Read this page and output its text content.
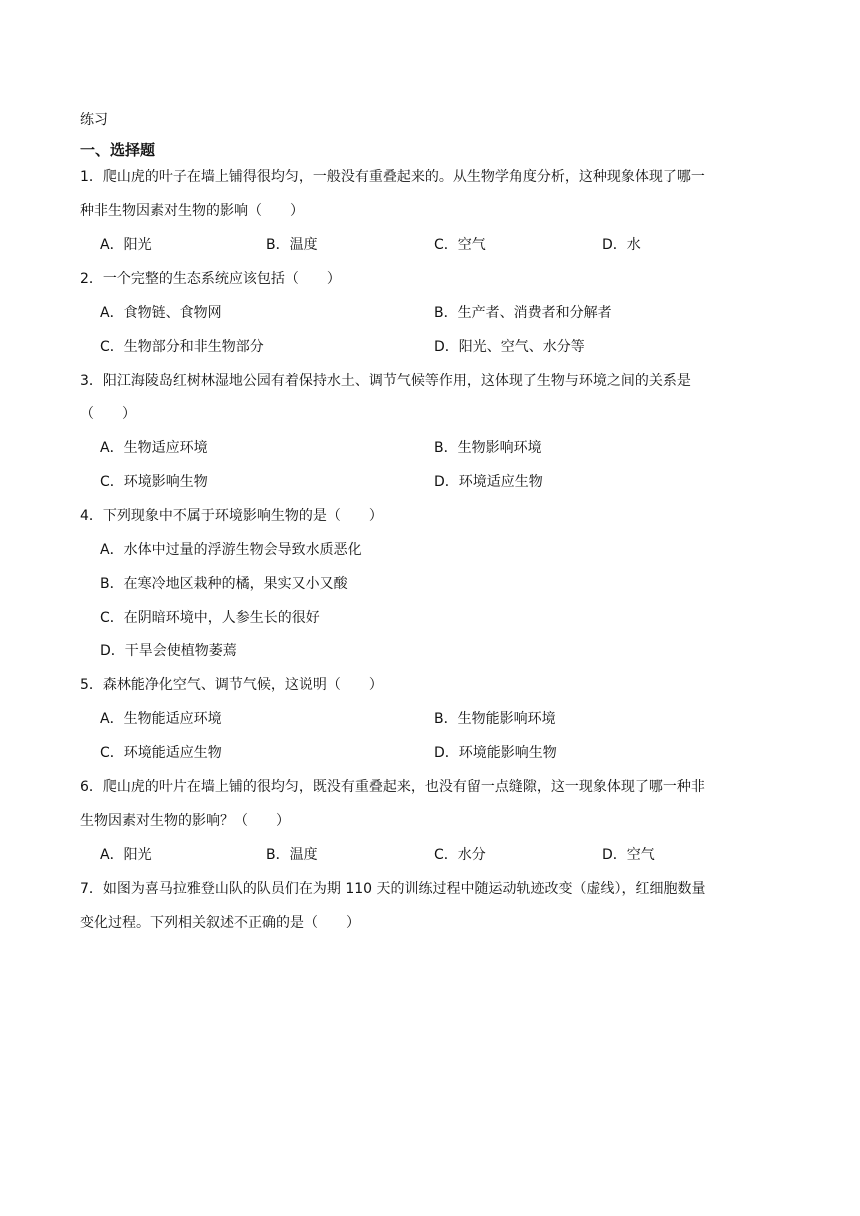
练习
一、选择题
1．爬山虎的叶子在墙上铺得很均匀，一般没有重叠起来的。从生物学角度分析，这种现象体现了哪一
种非生物因素对生物的影响（　　）
A．阳光	B．温度	C．空气	D．水
2．一个完整的生态系统应该包括（　　）
A．食物链、食物网	B．生产者、消费者和分解者
C．生物部分和非生物部分	D．阳光、空气、水分等
3．阳江海陵岛红树林湿地公园有着保持水土、调节气候等作用，这体现了生物与环境之间的关系是
（　　）
A．生物适应环境	B．生物影响环境
C．环境影响生物	D．环境适应生物
4．下列现象中不属于环境影响生物的是（　　）
A．水体中过量的浮游生物会导致水质恶化
B．在寒冷地区栽种的橘，果实又小又酸
C．在阴暗环境中，人参生长的很好
D．干旱会使植物萎蔫
5．森林能净化空气、调节气候，这说明（　　）
A．生物能适应环境	B．生物能影响环境
C．环境能适应生物	D．环境能影响生物
6．爬山虎的叶片在墙上铺的很均匀，既没有重叠起来，也没有留一点缝隙，这一现象体现了哪一种非
生物因素对生物的影响？（　　）
A．阳光	B．温度	C．水分	D．空气
7．如图为喜马拉雅登山队的队员们在为期 110 天的训练过程中随运动轨迹改变（虚线），红细胞数量
变化过程。下列相关叙述不正确的是（　　）
